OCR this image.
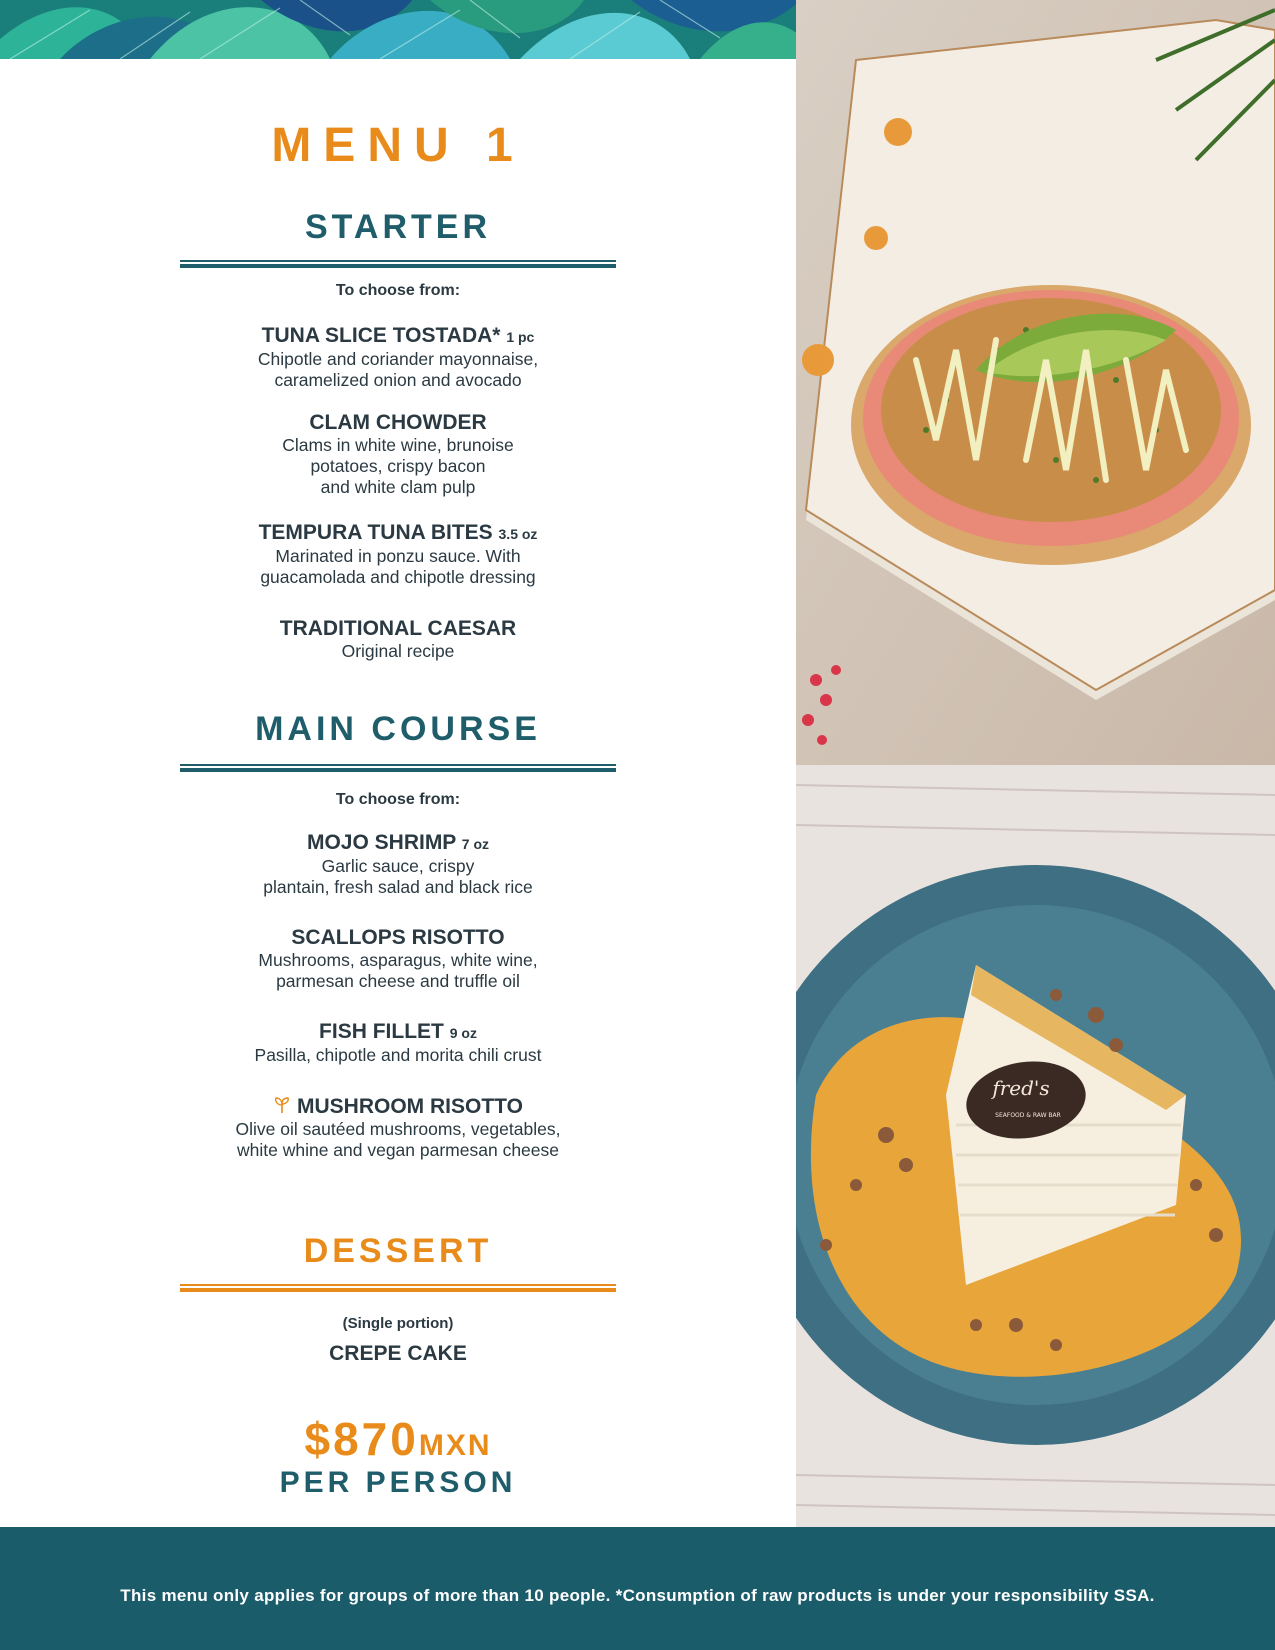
fred's
SEAFOOD & RAW BAR
MENU 1
STARTER
To choose from:
TUNA SLICE TOSTADA* 1 pc
Chipotle and coriander mayonnaise,
caramelized onion and avocado
CLAM CHOWDER
Clams in white wine, brunoise
potatoes, crispy bacon
and white clam pulp
TEMPURA TUNA BITES 3.5 oz
Marinated in ponzu sauce. With
guacamolada and chipotle dressing
TRADITIONAL CAESAR
Original recipe
MAIN COURSE
To choose from:
MOJO SHRIMP 7 oz
Garlic sauce, crispy
plantain, fresh salad and black rice
SCALLOPS RISOTTO
Mushrooms, asparagus, white wine,
parmesan cheese and truffle oil
FISH FILLET 9 oz
Pasilla, chipotle and morita chili crust
MUSHROOM RISOTTO
Olive oil sautéed mushrooms, vegetables,
white whine and vegan parmesan cheese
DESSERT
(Single portion)
CREPE CAKE
$870MXN
PER PERSON
This menu only applies for groups of more than 10 people. *Consumption of raw products is under your responsibility SSA.
